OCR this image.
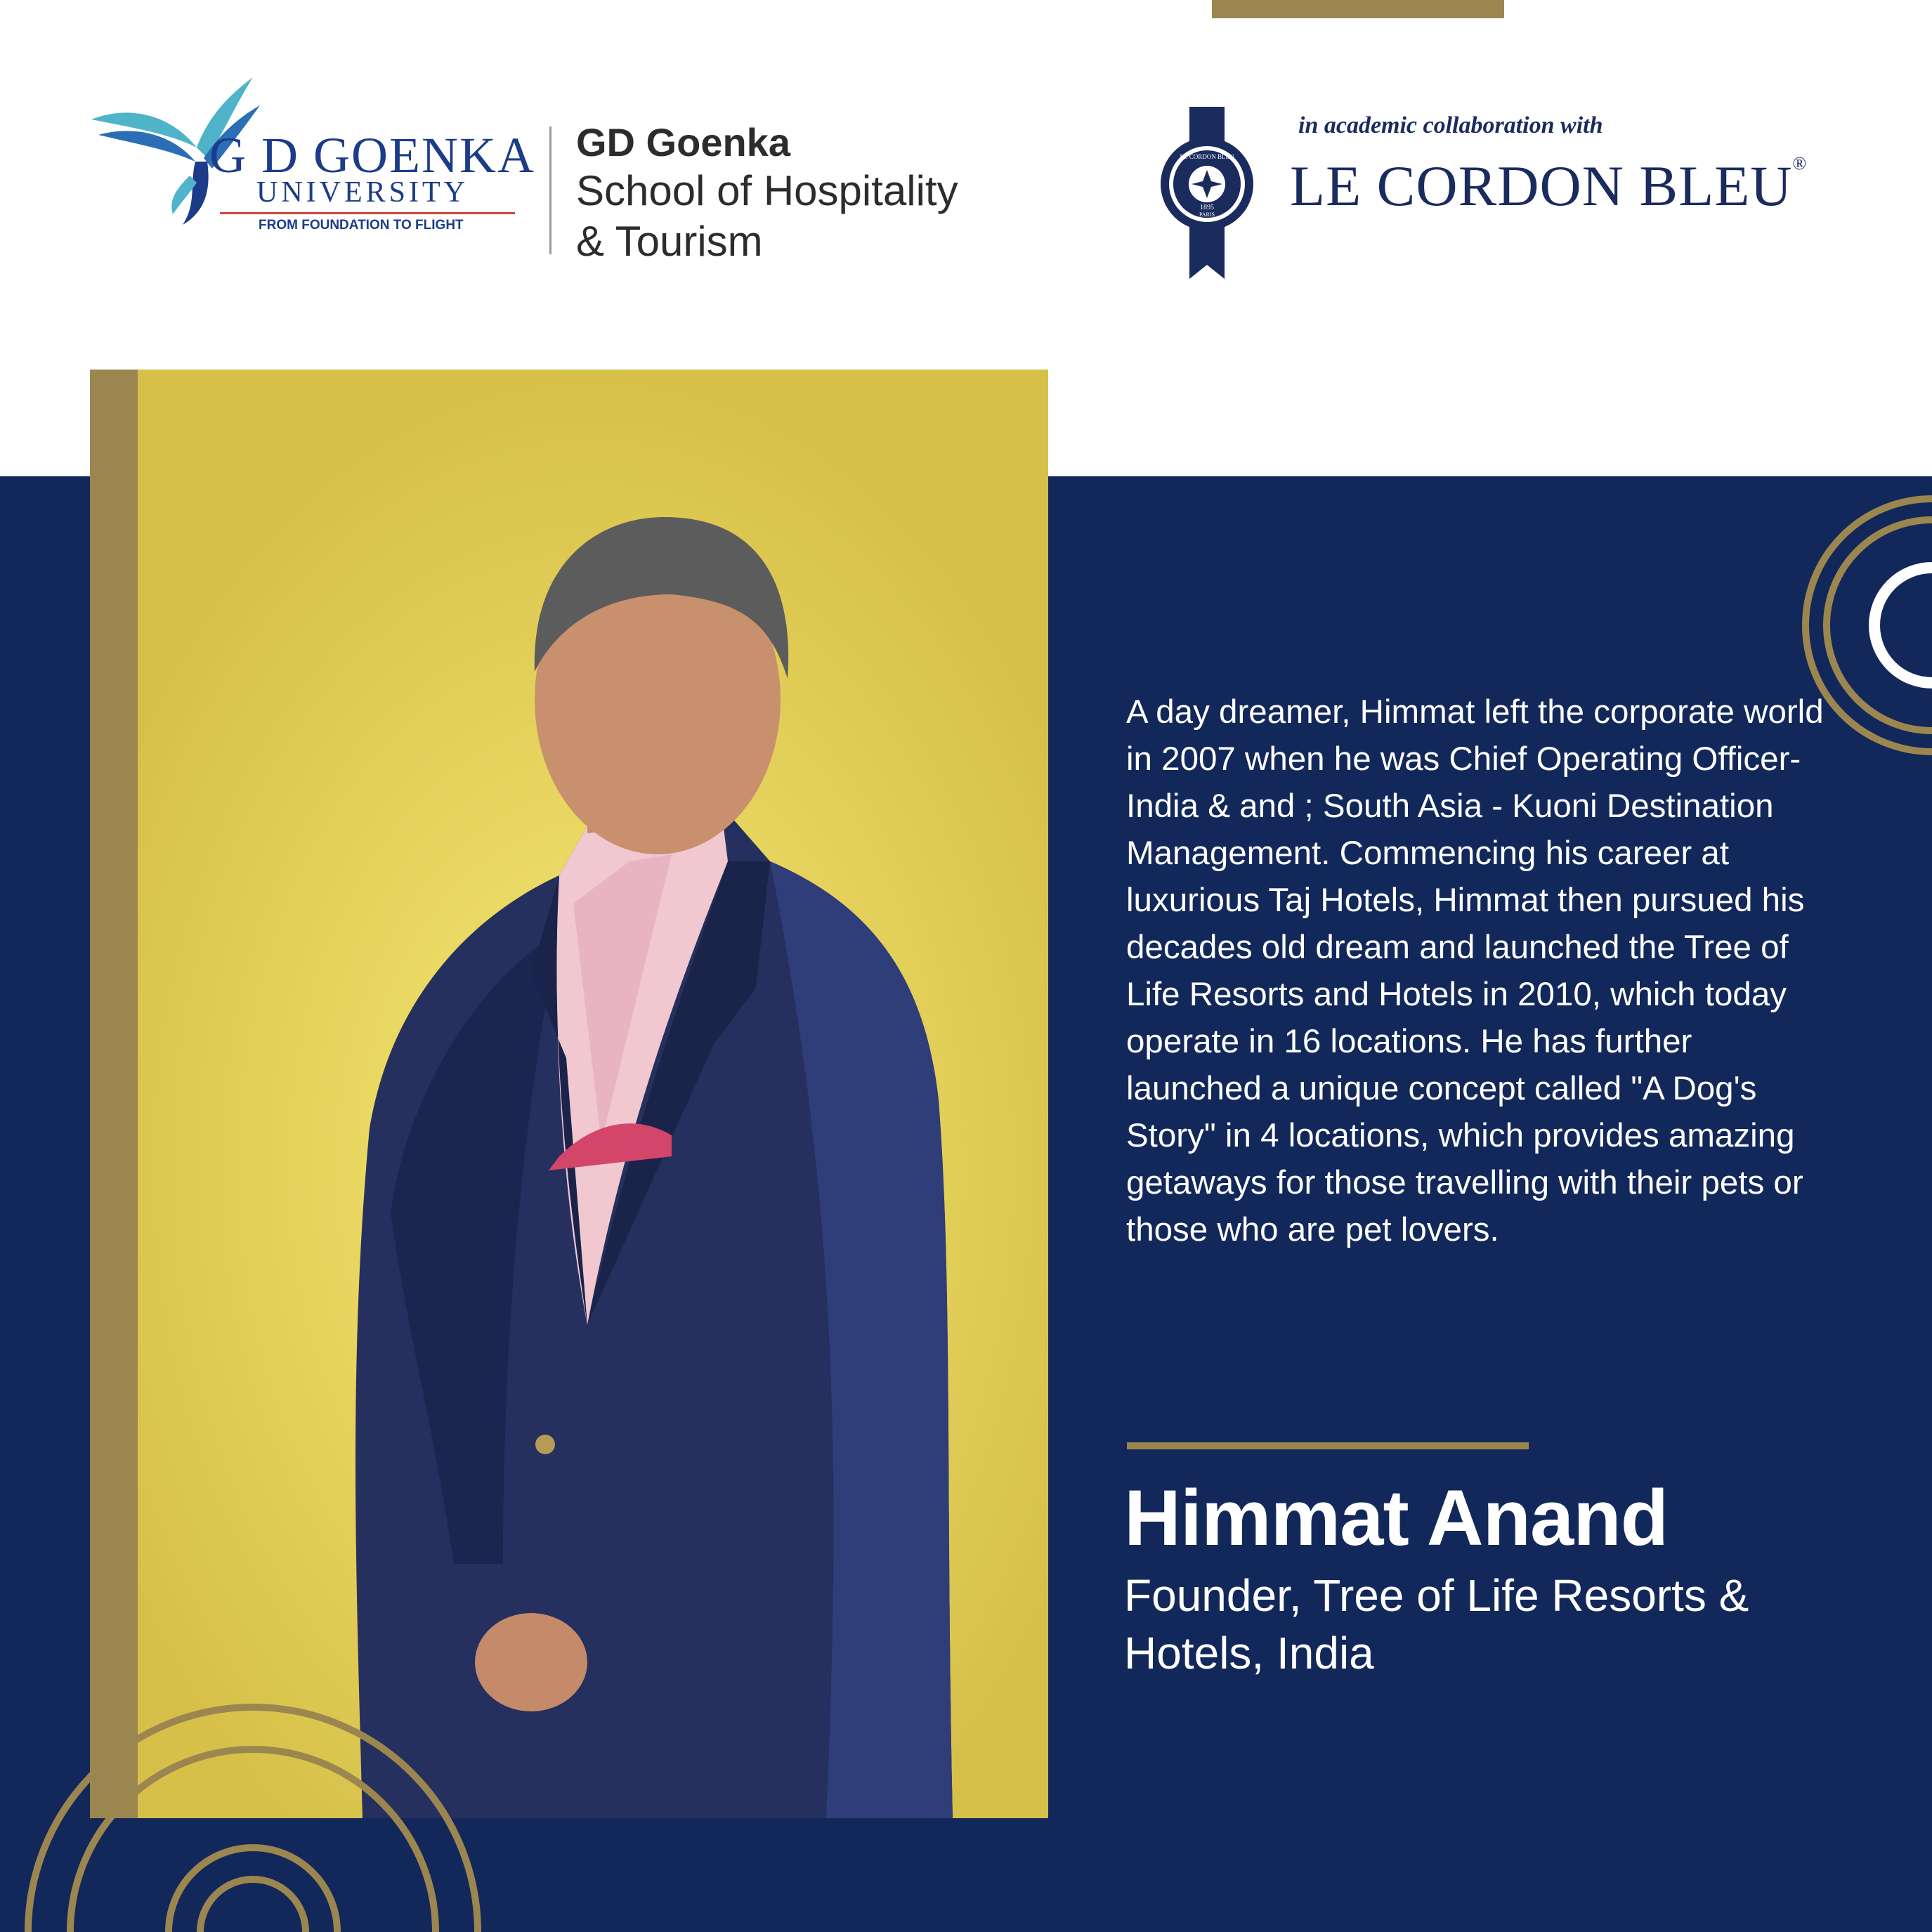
G D GOENKA
UNIVERSITY
FROM FOUNDATION TO FLIGHT
GD Goenka
School of Hospitality
& Tourism
LE CORDON BLEU
1895
PARIS
in academic collaboration with
LE CORDON BLEU®
A day dreamer, Himmat left the corporate world in 2007 when he was Chief Operating Officer- India & and ; South Asia - Kuoni Destination Management. Commencing his career at luxurious Taj Hotels, Himmat then pursued his decades old dream and launched the Tree of Life Resorts and Hotels in 2010, which today operate in 16 locations. He has further launched a unique concept called "A Dog's Story" in 4 locations, which provides amazing getaways for those travelling with their pets or those who are pet lovers.
Himmat Anand
Founder, Tree of Life Resorts & Hotels, India
